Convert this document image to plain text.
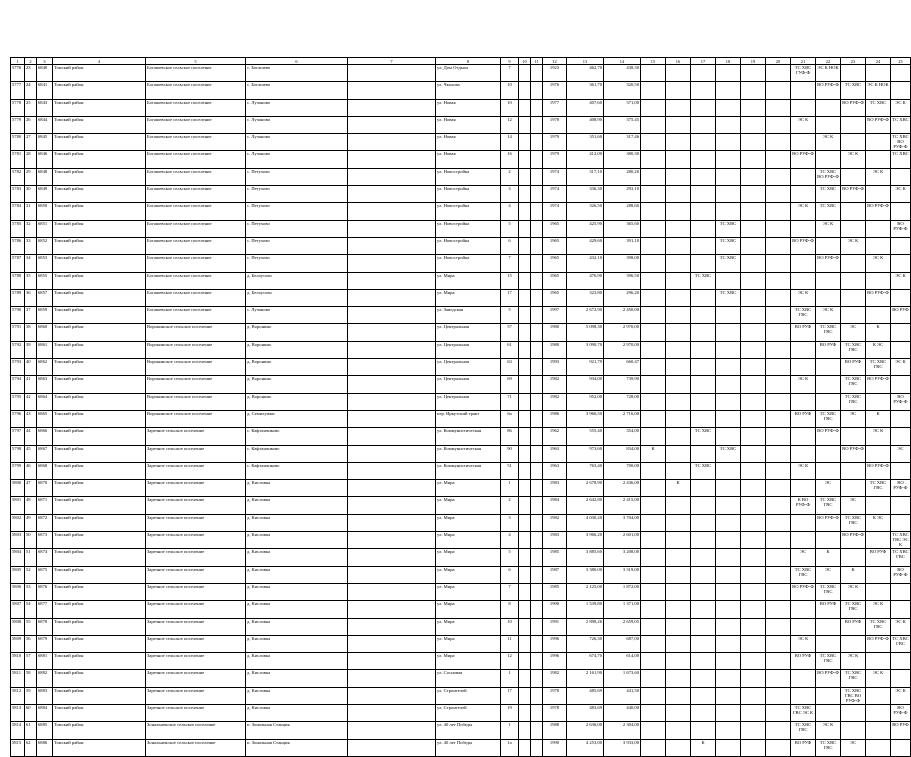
1	2	3	4	5	6	7	8	9	10	11	12	13	14	15	16	17	18	19	20	21	22	23	24	25
5776	23	6840	Томский район	Богашевское сельское поселение	с. Богашево		ул. Дом Отдыха	7			1923	462,70	438,30							ТС ХВС ГУФ-Ф	ЭС К НОК			
5777	24	6841	Томский район	Богашевское сельское поселение	с. Богашево		ул. Чкалова	10			1976	361,70	320,50								ВО РУФ-Ф	ТС ХВС	ЭС К НОК	
5778	25	6843	Томский район	Богашевское сельское поселение	с. Лучаново		ул. Новая	10			1977	407,60	371,00									ВО РУФ-Ф	ТС ХВС	ЭС К
5779	26	6844	Томский район	Богашевское сельское поселение	с. Лучаново		ул. Новая	12			1978	408,90	375,45							ЭС К			ВО РУФ-Ф	ТС ХВС
5780	27	6845	Томский район	Богашевское сельское поселение	с. Лучаново		ул. Новая	14			1979	351,60	317,46								ЭС К			ТС ХВС ВО РУФ-Ф
5781	28	6846	Томский район	Богашевское сельское поселение	с. Лучаново		ул. Новая	16			1979	412,00	380,30							ВО РУФ-Ф		ЭС К		ТС ХВС
5782	29	6848	Томский район	Богашевское сельское поселение	с. Петухово		ул. Новостройка	2			1974	317,10	280,20								ТС ХВС ВО РУФ-Ф		ЭС К	
5783	30	6849	Томский район	Богашевское сельское поселение	с. Петухово		ул. Новостройка	3			1974	336,30	293,10								ТС ХВС	ВО РУФ-Ф		ЭС К
5784	31	6850	Томский район	Богашевское сельское поселение	с. Петухово		ул. Новостройка	4			1974	326,50	288,60							ЭС К	ТС ХВС		ВО РУФ-Ф	
5785	32	6851	Томский район	Богашевское сельское поселение	с. Петухово		ул. Новостройка	5			1965	425,90	365,60				ТС ХВС				ЭС К			ВО РУФ-Ф
5786	33	6852	Томский район	Богашевское сельское поселение	с. Петухово		ул. Новостройка	6			1965	429,60	391,10				ТС ХВС			ВО РУФ-Ф		ЭС К		
5787	34	6853	Томский район	Богашевское сельское поселение	с. Петухово		ул. Новостройка	7			1965	432,10	398,00				ТС ХВС				ВО РУФ-Ф		ЭС К	
5788	35	6855	Томский район	Богашевское сельское поселение	д. Белоусово		ул. Мира	15			1965	476,90	396,50			ТС ХВС								ЭС К
5789	36	6857	Томский район	Богашевское сельское поселение	д. Белоусово		ул. Мира	17			1965	323,80	296,20				ТС ХВС			ЭС К			ВО РУФ-Ф	
5790	37	6859	Томский район	Богашевское сельское поселение	с. Лучаново		ул. Заводская	5			1997	2 672,90	2 450,00							ТС ХВС ГВС	ЭС К			ВО РУФ
5791	38	6860	Томский район	Воронинское сельское поселение	д. Воронино		ул. Центральная	57			1980	5 098,30	2 970,00							ВО РУФ	ТС ХВС ГВС	ЭС	К	
5792	39	6861	Томский район	Воронинское сельское поселение	д. Воронино		ул. Центральная	61			1980	3 090,70	2 970,00								ВО РУФ	ТС ХВС ГВС	К ЭС	
5793	40	6862	Томский район	Воронинское сельское поселение	д. Воронино		ул. Центральная	63			1993	921,79	660,47									ВО РУФ	ТС ХВС ГВС	ЭС К
5794	41	6863	Томский район	Воронинское сельское поселение	д. Воронино		ул. Центральная	69			1982	934,00	739,90							ЭС К		ТС ХВС ГВС	ВО РУФ-Ф	
5795	42	6864	Томский район	Воронинское сельское поселение	д. Воронино		ул. Центральная	71			1982	952,00	728,00									ТС ХВС ГВС		ВО РУФ-Ф
5796	43	6865	Томский район	Воронинское сельское поселение	д. Семилужки		пер. Иркутский тракт	6а			1986	3 966,50	2 716,00							ВО РУФ	ТС ХВС ГВС	ЭС	К	
5797	44	6866	Томский район	Заречное сельское поселение	с. Кафтанчиково		ул. Коммунистическая	86			1962	555,40	354,00			ТС ХВС					ВО РУФ-Ф		ЭС К	
5798	45	6867	Томский район	Заречное сельское поселение	с. Кафтанчиково		ул. Коммунистическая	90			1963	973,60	834,00	К			ТС ХВС					ВО РУФ-Ф		ЭС
5799	46	6868	Томский район	Заречное сельское поселение	с. Кафтанчиково		ул. Коммунистическая	51			1963	763,40	700,00			ТС ХВС				ЭС К			ВО РУФ-Ф	
5800	47	6870	Томский район	Заречное сельское поселение	д. Кисловка		ул. Мира	1			1983	2 678,90	2 436,00		К						ЭС		ТС ХВС ГВС	ВО РУФ-Ф
5801	48	6871	Томский район	Заречное сельское поселение	д. Кисловка		ул. Мира	2			1984	2 642,80	2 415,00							К ВО РУФ-Ф	ТС ХВС ГВС	ЭС		
5802	49	6872	Томский район	Заречное сельское поселение	д. Кисловка		ул. Мира	3			1982	4 030,20	3 704,00								ВО РУФ-Ф	ТС ХВС ГВС	К ЭС	
5803	50	6873	Томский район	Заречное сельское поселение	д. Кисловка		ул. Мира	4			1983	3 966,20	2 601,00									ВО РУФ-Ф		ТС ХВС ГВС ЭС К
5804	51	6874	Томский район	Заречное сельское поселение	д. Кисловка		ул. Мира	5			1985	3 885,60	3 208,00							ЭС	К		ВО РУФ	ТС ХВС ГВС
5805	52	6875	Томский район	Заречное сельское поселение	д. Кисловка		ул. Мира	6			1987	3 380,00	3 319,00							ТС ХВС ГВС	ЭС	К		ВО РУФ-Ф
5806	53	6876	Томский район	Заречное сельское поселение	д. Кисловка		ул. Мира	7			1985	2 125,00	1 872,00							ВО РУФ-Ф	ТС ХВС ГВС	ЭС К		
5807	54	6877	Томский район	Заречное сельское поселение	д. Кисловка		ул. Мира	8			1990	1 539,80	1 371,00								ВО РУФ	ТС ХВС ГВС	ЭС К	
5808	55	6878	Томский район	Заречное сельское поселение	д. Кисловка		ул. Мира	10			1991	2 898,26	2 659,05									ВО РУФ	ТС ХВС ГВС	ЭС К
5809	56	6879	Томский район	Заречное сельское поселение	д. Кисловка		ул. Мира	11			1996	726,30	687,00							ЭС К			ВО РУФ-Ф	ТС ХВС ГВС
5810	57	6881	Томский район	Заречное сельское поселение	д. Кисловка		ул. Мира	12			1996	674,70	614,00							ВО РУФ	ТС ХВС ГВС	ЭС К		
5811	58	6882	Томский район	Заречное сельское поселение	д. Кисловка		ул. Сосновая	1			1982	2 161,90	1 673,60								ВО РУФ-Ф	ТС ХВС ГВС	ЭС К	
5812	59	6883	Томский район	Заречное сельское поселение	д. Кисловка		ул. Строителей	17			1978	485,69	441,50									ТС ХВС ГВС ВО РУФ-Ф		ЭС К
5813	60	6884	Томский район	Заречное сельское поселение	д. Кисловка		ул. Строителей	19			1978	483,69	440,00							ТС ХВС ГВС ЭС К				ВО РУФ-Ф
5814	61	6885	Томский район	Зональненское сельское поселение	п. Зональная Станция		ул. 40 лет Победы	1			1988	2 636,00	2 304,00							ТС ХВС ГВС	ЭС К			ВО РУФ
5815	62	6886	Томский район	Зональненское сельское поселение	п. Зональная Станция		ул. 40 лет Победы	1а			1990	4 253,00	3 933,00			К				ВО РУФ	ТС ХВС ГВС	ЭС		
